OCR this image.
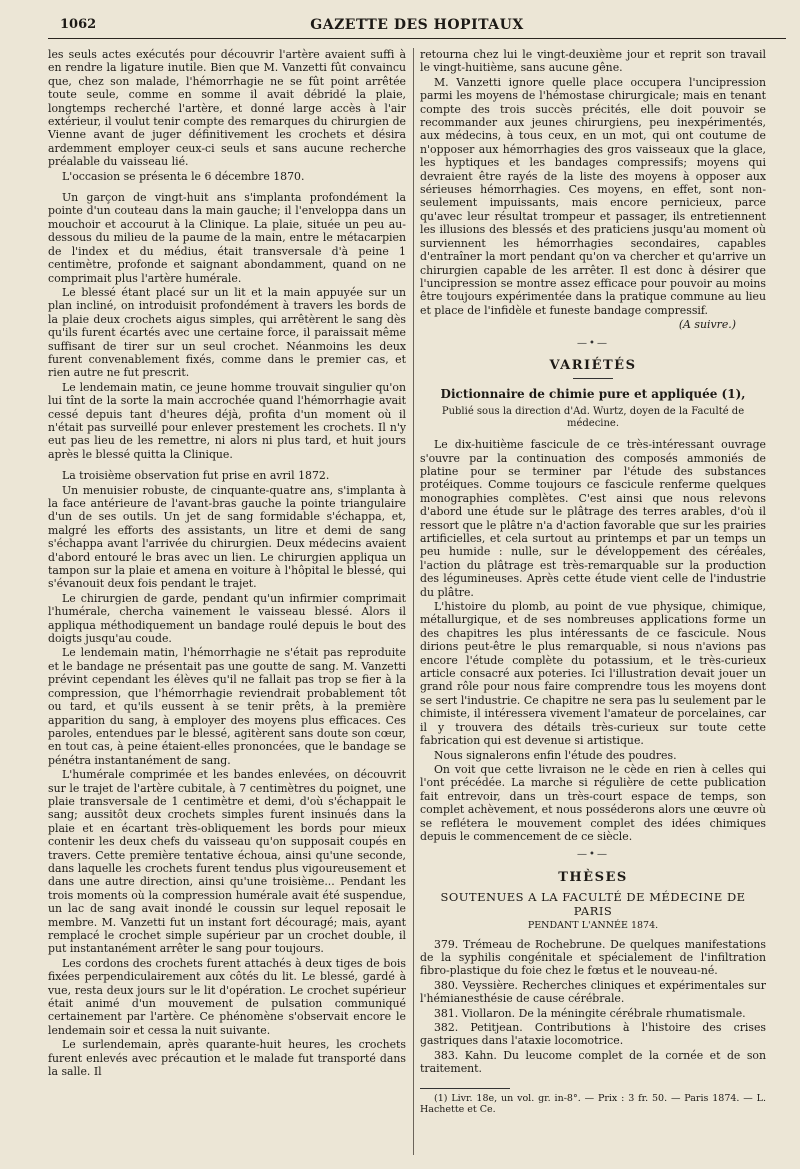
1062	GAZETTE DES HOPITAUX

les seuls actes exécutés pour découvrir l'artère avaient suffi à en rendre la ligature inutile. Bien que M. Vanzetti fût convaincu que, chez son malade, l'hémorrhagie ne se fût point arrêtée toute seule, comme en somme il avait débridé la plaie, longtemps recherché l'artère, et donné large accès à l'air extérieur, il voulut tenir compte des remarques du chirurgien de Vienne avant de juger définitivement les crochets et désira ardemment employer ceux-ci seuls et sans aucune recherche préalable du vaisseau lié.

L'occasion se présenta le 6 décembre 1870.

Un garçon de vingt-huit ans s'implanta profondément la pointe d'un couteau dans la main gauche; il l'enveloppa dans un mouchoir et accourut à la Clinique. La plaie, située un peu au-dessous du milieu de la paume de la main, entre le métacarpien de l'index et du médius, était transversale d'à peine 1 centimètre, profonde et saignant abondamment, quand on ne comprimait plus l'artère humérale.

Le blessé étant placé sur un lit et la main appuyée sur un plan incliné, on introduisit profondément à travers les bords de la plaie deux crochets aigus simples, qui arrêtèrent le sang dès qu'ils furent écartés avec une certaine force, il paraissait même suffisant de tirer sur un seul crochet. Néanmoins les deux furent convenablement fixés, comme dans le premier cas, et rien autre ne fut prescrit.

Le lendemain matin, ce jeune homme trouvait singulier qu'on lui tînt de la sorte la main accrochée quand l'hémorrhagie avait cessé depuis tant d'heures déjà, profita d'un moment où il n'était pas surveillé pour enlever prestement les crochets. Il n'y eut pas lieu de les remettre, ni alors ni plus tard, et huit jours après le blessé quitta la Clinique.

La troisième observation fut prise en avril 1872.

Un menuisier robuste, de cinquante-quatre ans, s'implanta à la face antérieure de l'avant-bras gauche la pointe triangulaire d'un de ses outils. Un jet de sang formidable s'échappa, et, malgré les efforts des assistants, un litre et demi de sang s'échappa avant l'arrivée du chirurgien. Deux médecins avaient d'abord entouré le bras avec un lien. Le chirurgien appliqua un tampon sur la plaie et amena en voiture à l'hôpital le blessé, qui s'évanouit deux fois pendant le trajet.

Le chirurgien de garde, pendant qu'un infirmier comprimait l'humérale, chercha vainement le vaisseau blessé. Alors il appliqua méthodiquement un bandage roulé depuis le bout des doigts jusqu'au coude.

Le lendemain matin, l'hémorrhagie ne s'était pas reproduite et le bandage ne présentait pas une goutte de sang. M. Vanzetti prévint cependant les élèves qu'il ne fallait pas trop se fier à la compression, que l'hémorrhagie reviendrait probablement tôt ou tard, et qu'ils eussent à se tenir prêts, à la première apparition du sang, à employer des moyens plus efficaces. Ces paroles, entendues par le blessé, agitèrent sans doute son cœur, en tout cas, à peine étaient-elles prononcées, que le bandage se pénétra instantanément de sang.

L'humérale comprimée et les bandes enlevées, on découvrit sur le trajet de l'artère cubitale, à 7 centimètres du poignet, une plaie transversale de 1 centimètre et demi, d'où s'échappait le sang; aussitôt deux crochets simples furent insinués dans la plaie et en écartant très-obliquement les bords pour mieux contenir les deux chefs du vaisseau qu'on supposait coupés en travers. Cette première tentative échoua, ainsi qu'une seconde, dans laquelle les crochets furent tendus plus vigoureusement et dans une autre direction, ainsi qu'une troisième... Pendant les trois moments où la compression humérale avait été suspendue, un lac de sang avait inondé le coussin sur lequel reposait le membre. M. Vanzetti fut un instant fort découragé; mais, ayant remplacé le crochet simple supérieur par un crochet double, il put instantanément arrêter le sang pour toujours.

Les cordons des crochets furent attachés à deux tiges de bois fixées perpendiculairement aux côtés du lit. Le blessé, gardé à vue, resta deux jours sur le lit d'opération. Le crochet supérieur était animé d'un mouvement de pulsation communiqué certainement par l'artère. Ce phénomène s'observait encore le lendemain soir et cessa la nuit suivante.

Le surlendemain, après quarante-huit heures, les crochets furent enlevés avec précaution et le malade fut transporté dans la salle. Il

retourna chez lui le vingt-deuxième jour et reprit son travail le vingt-huitième, sans aucune gêne.

M. Vanzetti ignore quelle place occupera l'uncipression parmi les moyens de l'hémostase chirurgicale; mais en tenant compte des trois succès précités, elle doit pouvoir se recommander aux jeunes chirurgiens, peu inexpérimentés, aux médecins, à tous ceux, en un mot, qui ont coutume de n'opposer aux hémorrhagies des gros vaisseaux que la glace, les hyptiques et les bandages compressifs; moyens qui devraient être rayés de la liste des moyens à opposer aux sérieuses hémorrhagies. Ces moyens, en effet, sont non-seulement impuissants, mais encore pernicieux, parce qu'avec leur résultat trompeur et passager, ils entretiennent les illusions des blessés et des praticiens jusqu'au moment où surviennent les hémorrhagies secondaires, capables d'entraîner la mort pendant qu'on va chercher et qu'arrive un chirurgien capable de les arrêter. Il est donc à désirer que l'uncipression se montre assez efficace pour pouvoir au moins être toujours expérimentée dans la pratique commune au lieu et place de l'infidèle et funeste bandage compressif.

(A suivre.)
—•—
VARIÉTÉS
Dictionnaire de chimie pure et appliquée (1),
Publié sous la direction d'Ad. Wurtz, doyen de la Faculté de médecine.

Le dix-huitième fascicule de ce très-intéressant ouvrage s'ouvre par la continuation des composés ammoniés de platine pour se terminer par l'étude des substances protéiques. Comme toujours ce fascicule renferme quelques monographies complètes. C'est ainsi que nous relevons d'abord une étude sur le plâtrage des terres arables, d'où il ressort que le plâtre n'a d'action favorable que sur les prairies artificielles, et cela surtout au printemps et par un temps un peu humide : nulle, sur le développement des céréales, l'action du plâtrage est très-remarquable sur la production des légumineuses. Après cette étude vient celle de l'industrie du plâtre.

L'histoire du plomb, au point de vue physique, chimique, métallurgique, et de ses nombreuses applications forme un des chapitres les plus intéressants de ce fascicule. Nous dirions peut-être le plus remarquable, si nous n'avions pas encore l'étude complète du potassium, et le très-curieux article consacré aux poteries. Ici l'illustration devait jouer un grand rôle pour nous faire comprendre tous les moyens dont se sert l'industrie. Ce chapitre ne sera pas lu seulement par le chimiste, il intéressera vivement l'amateur de porcelaines, car il y trouvera des détails très-curieux sur toute cette fabrication qui est devenue si artistique.

Nous signalerons enfin l'étude des poudres.

On voit que cette livraison ne le cède en rien à celles qui l'ont précédée. La marche si régulière de cette publication fait entrevoir, dans un très-court espace de temps, son complet achèvement, et nous posséderons alors une œuvre où se reflétera le mouvement complet des idées chimiques depuis le commencement de ce siècle.

—•—
THÈSES
SOUTENUES A LA FACULTÉ DE MÉDECINE DE PARIS
PENDANT L'ANNÉE 1874.

379. Trémeau de Rochebrune. De quelques manifestations de la syphilis congénitale et spécialement de l'infiltration fibro-plastique du foie chez le fœtus et le nouveau-né.

380. Veyssière. Recherches cliniques et expérimentales sur l'hémianesthésie de cause cérébrale.

381. Viollaron. De la méningite cérébrale rhumatismale.

382. Petitjean. Contributions à l'histoire des crises gastriques dans l'ataxie locomotrice.

383. Kahn. Du leucome complet de la cornée et de son traitement.

(1) Livr. 18e, un vol. gr. in-8°. — Prix : 3 fr. 50. — Paris 1874. — L. Hachette et Ce.
